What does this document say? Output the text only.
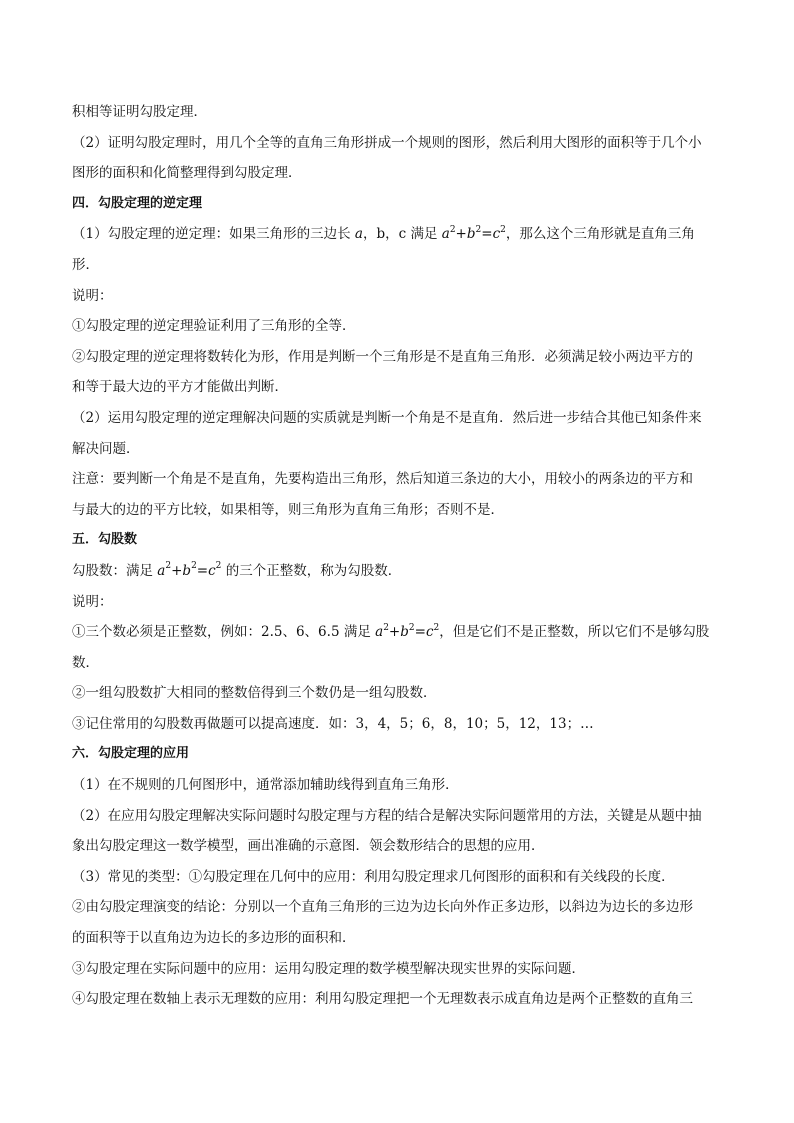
积相等证明勾股定理．
（2）证明勾股定理时，用几个全等的直角三角形拼成一个规则的图形，然后利用大图形的面积等于几个小
图形的面积和化简整理得到勾股定理．
四．勾股定理的逆定理
（1）勾股定理的逆定理：如果三角形的三边长 a，b，c 满足 $a^2+b^2=c^2$，那么这个三角形就是直角三角
形．
说明：
①勾股定理的逆定理验证利用了三角形的全等．
②勾股定理的逆定理将数转化为形，作用是判断一个三角形是不是直角三角形．必须满足较小两边平方的
和等于最大边的平方才能做出判断．
（2）运用勾股定理的逆定理解决问题的实质就是判断一个角是不是直角．然后进一步结合其他已知条件来
解决问题．
注意：要判断一个角是不是直角，先要构造出三角形，然后知道三条边的大小，用较小的两条边的平方和
与最大的边的平方比较，如果相等，则三角形为直角三角形；否则不是．
五．勾股数
勾股数：满足 $a^2+b^2=c^2$ 的三个正整数，称为勾股数．
说明：
①三个数必须是正整数，例如：2.5、6、6.5 满足 $a^2+b^2=c^2$，但是它们不是正整数，所以它们不是够勾股
数．
②一组勾股数扩大相同的整数倍得到三个数仍是一组勾股数．
③记住常用的勾股数再做题可以提高速度．如：3，4，5；6，8，10；5，12，13；…
六．勾股定理的应用
（1）在不规则的几何图形中，通常添加辅助线得到直角三角形．
（2）在应用勾股定理解决实际问题时勾股定理与方程的结合是解决实际问题常用的方法，关键是从题中抽
象出勾股定理这一数学模型，画出准确的示意图．领会数形结合的思想的应用．
（3）常见的类型：①勾股定理在几何中的应用：利用勾股定理求几何图形的面积和有关线段的长度．
②由勾股定理演变的结论：分别以一个直角三角形的三边为边长向外作正多边形，以斜边为边长的多边形
的面积等于以直角边为边长的多边形的面积和．
③勾股定理在实际问题中的应用：运用勾股定理的数学模型解决现实世界的实际问题．
④勾股定理在数轴上表示无理数的应用：利用勾股定理把一个无理数表示成直角边是两个正整数的直角三
